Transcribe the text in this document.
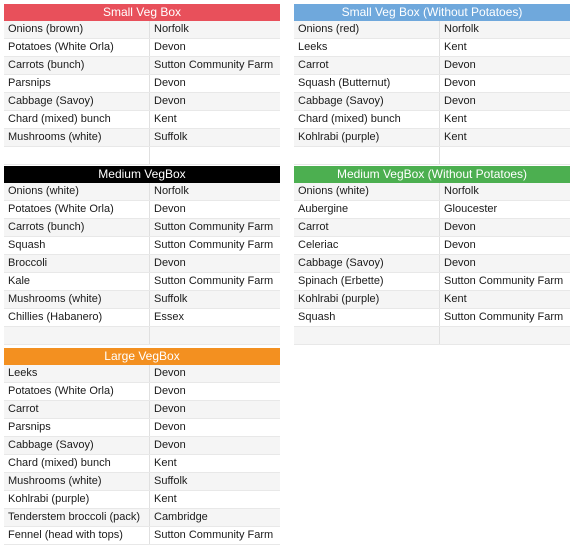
Small Veg Box
Onions (brown)	Norfolk
Potatoes (White Orla)	Devon
Carrots (bunch)	Sutton Community Farm
Parsnips	Devon
Cabbage (Savoy)	Devon
Chard (mixed) bunch	Kent
Mushrooms (white)	Suffolk
Small Veg Box (Without Potatoes)
Onions (red)	Norfolk
Leeks	Kent
Carrot	Devon
Squash (Butternut)	Devon
Cabbage (Savoy)	Devon
Chard (mixed) bunch	Kent
Kohlrabi (purple)	Kent
Medium VegBox
Onions (white)	Norfolk
Potatoes (White Orla)	Devon
Carrots (bunch)	Sutton Community Farm
Squash	Sutton Community Farm
Broccoli	Devon
Kale	Sutton Community Farm
Mushrooms (white)	Suffolk
Chillies (Habanero)	Essex
Medium VegBox (Without Potatoes)
Onions (white)	Norfolk
Aubergine	Gloucester
Carrot	Devon
Celeriac	Devon
Cabbage (Savoy)	Devon
Spinach (Erbette)	Sutton Community Farm
Kohlrabi (purple)	Kent
Squash	Sutton Community Farm
Large VegBox
Leeks	Devon
Potatoes (White Orla)	Devon
Carrot	Devon
Parsnips	Devon
Cabbage (Savoy)	Devon
Chard (mixed) bunch	Kent
Mushrooms (white)	Suffolk
Kohlrabi (purple)	Kent
Tenderstem broccoli (pack)	Cambridge
Fennel (head with tops)	Sutton Community Farm
